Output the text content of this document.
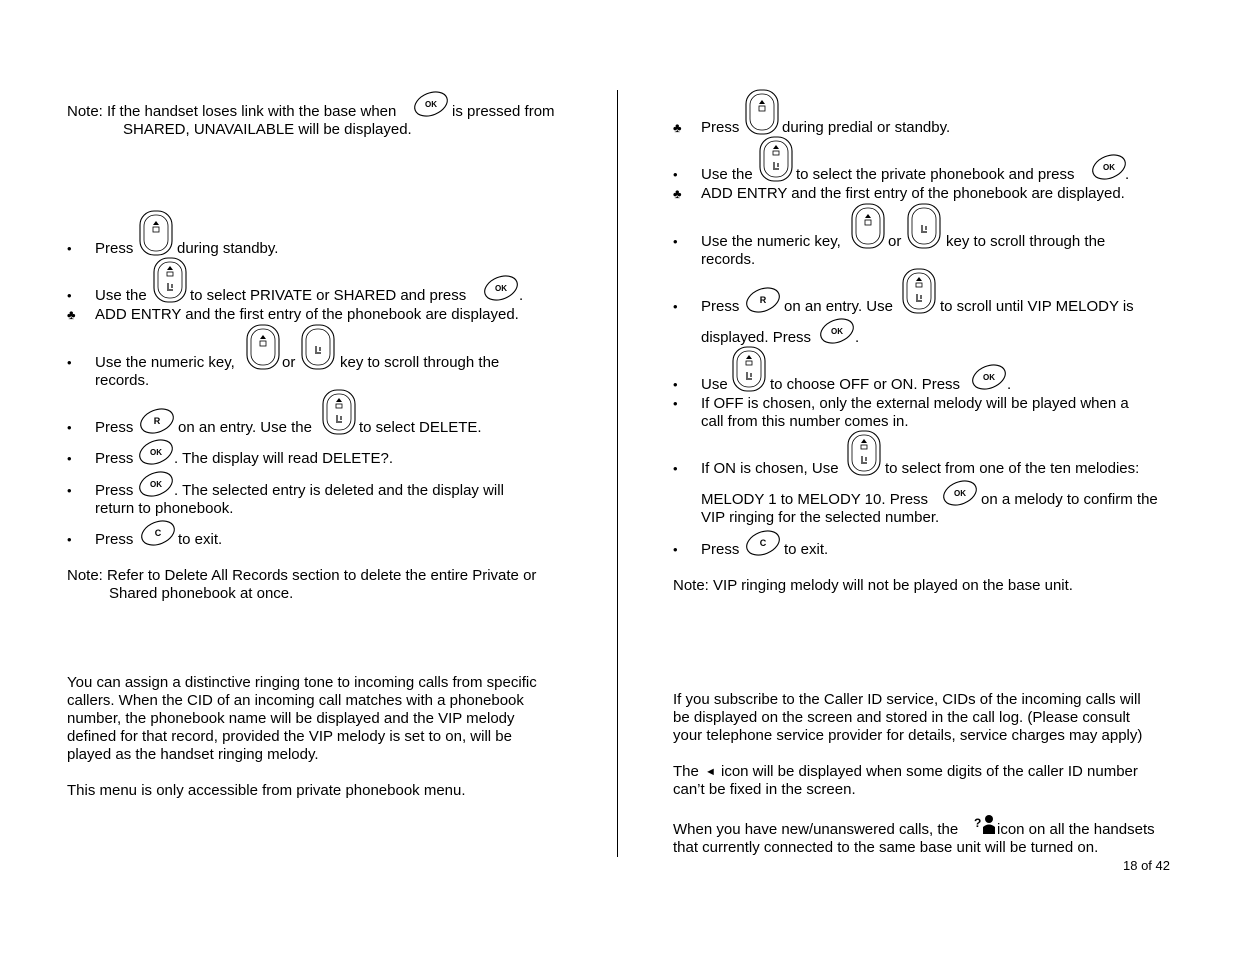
Note: If the handset loses link with the base when	OK is pressed from
SHARED, UNAVAILABLE will be displayed.
• Press	during standby.
• Use the	to select PRIVATE or SHARED and press	OK .
♣ ADD ENTRY and the first entry of the phonebook are displayed.
• Use the numeric key,	or	key to scroll through the
records.
• Press R on an entry. Use the	to select DELETE.
• Press OK . The display will read DELETE?.
• Press OK . The selected entry is deleted and the display will
return to phonebook.
• Press C to exit.
Note: Refer to Delete All Records section to delete the entire Private or
Shared phonebook at once.
You can assign a distinctive ringing tone to incoming calls from specific
callers. When the CID of an incoming call matches with a phonebook
number, the phonebook name will be displayed and the VIP melody
defined for that record, provided the VIP melody is set to on, will be
played as the handset ringing melody.
This menu is only accessible from private phonebook menu.
♣ Press	during predial or standby.
• Use the	to select the private phonebook and press	OK .
♣ ADD ENTRY and the first entry of the phonebook are displayed.
• Use the numeric key,	or	key to scroll through the
records.
• Press R on an entry. Use	to scroll until VIP MELODY is
displayed. Press OK .
• Use	to choose OFF or ON. Press	OK .
• If OFF is chosen, only the external melody will be played when a
call from this number comes in.
• If ON is chosen, Use	to select from one of the ten melodies:
MELODY 1 to MELODY 10. Press	OK on a melody to confirm the
VIP ringing for the selected number.
• Press C to exit.
Note: VIP ringing melody will not be played on the base unit.
If you subscribe to the Caller ID service, CIDs of the incoming calls will
be displayed on the screen and stored in the call log. (Please consult
your telephone service provider for details, service charges may apply)
The ◄ icon will be displayed when some digits of the caller ID number
can’t be fixed in the screen.
When you have new/unanswered calls, the ? icon on all the handsets
that currently connected to the same base unit will be turned on.
18 of 42
